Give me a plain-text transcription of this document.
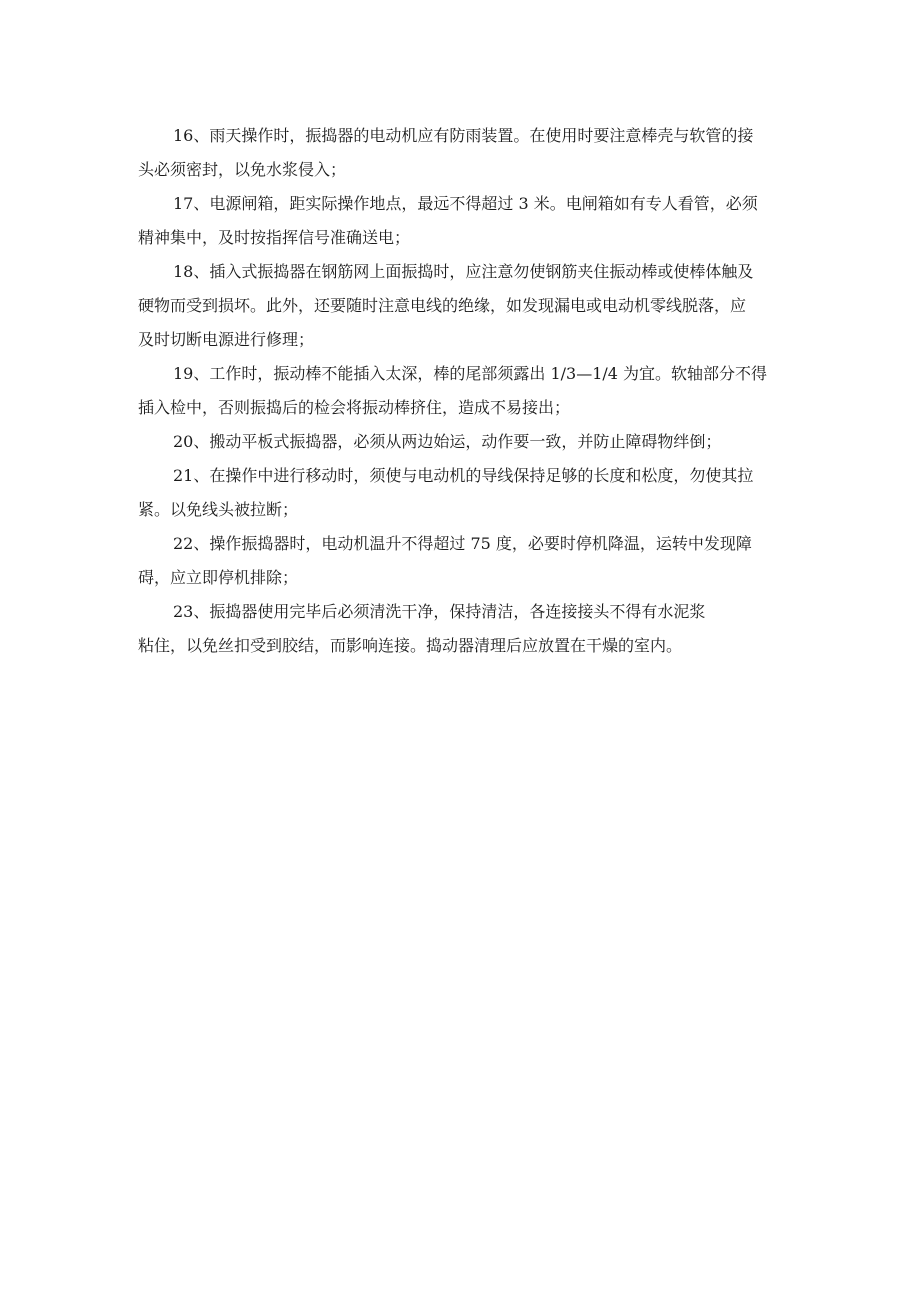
16、雨天操作时，振捣器的电动机应有防雨装置。在使用时要注意棒壳与软管的接
头必须密封，以免水浆侵入；

17、电源闸箱，距实际操作地点，最远不得超过 3 米。电闸箱如有专人看管，必须
精神集中，及时按指挥信号准确送电；

18、插入式振捣器在钢筋网上面振捣时，应注意勿使钢筋夹住振动棒或使棒体触及
硬物而受到损坏。此外，还要随时注意电线的绝缘，如发现漏电或电动机零线脱落，应
及时切断电源进行修理；

19、工作时，振动棒不能插入太深，棒的尾部须露出 1/3—1/4 为宜。软轴部分不得
插入检中，否则振捣后的检会将振动棒挤住，造成不易接出；

20、搬动平板式振捣器，必须从两边始运，动作要一致，并防止障碍物绊倒；

21、在操作中进行移动时，须使与电动机的导线保持足够的长度和松度，勿使其拉
紧。以免线头被拉断；

22、操作振捣器时，电动机温升不得超过 75 度，必要时停机降温，运转中发现障
碍，应立即停机排除；

23、振捣器使用完毕后必须清洗干净，保持清洁，各连接接头不得有水泥浆
粘住，以免丝扣受到胶结，而影响连接。捣动器清理后应放置在干燥的室内。
